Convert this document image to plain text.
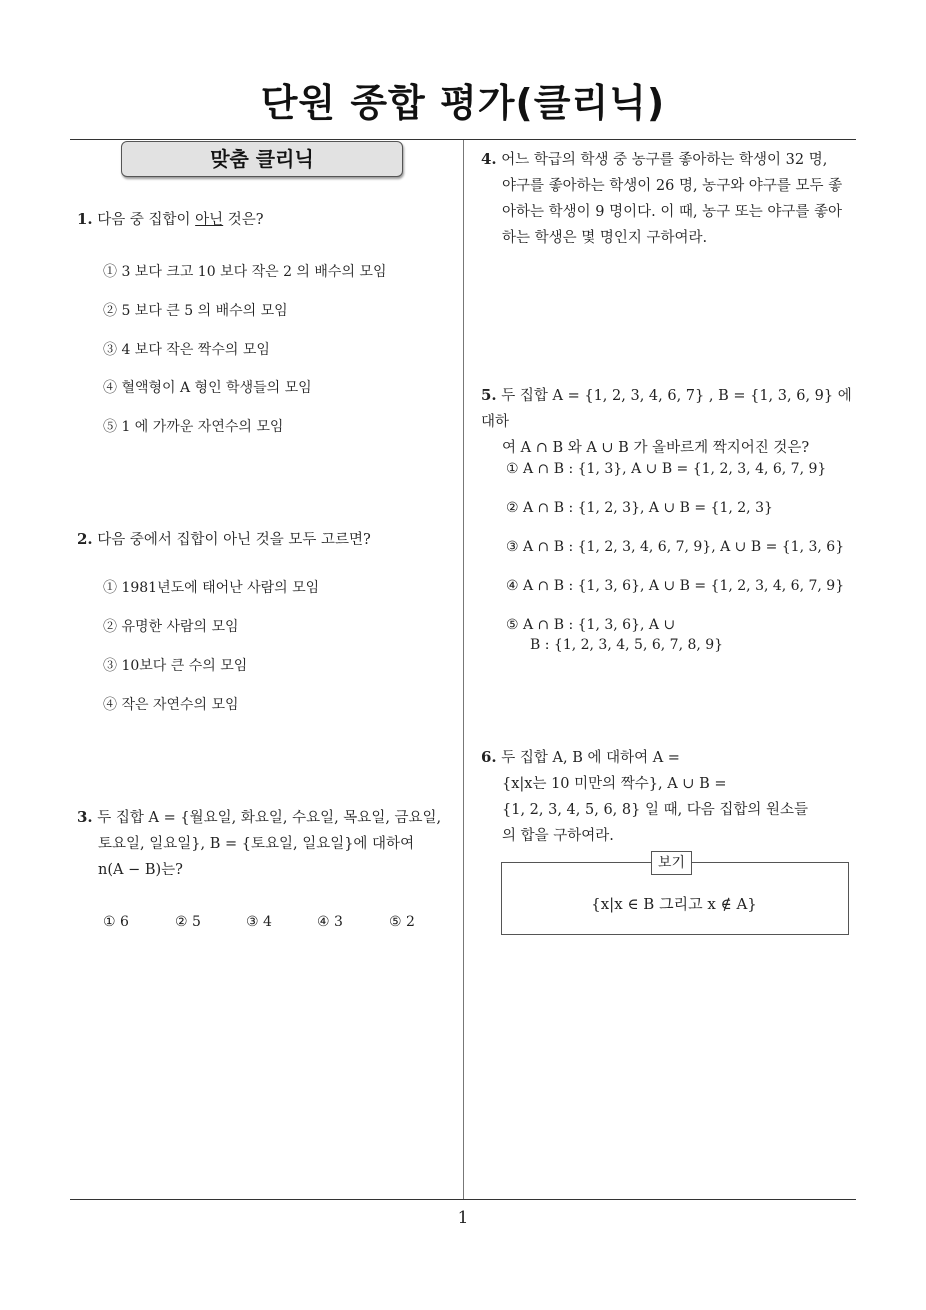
단원 종합 평가(클리닉)
맞춤 클리닉
1. 다음 중 집합이 아닌 것은?
① 3 보다 크고 10 보다 작은 2 의 배수의 모임
② 5 보다 큰 5 의 배수의 모임
③ 4 보다 작은 짝수의 모임
④ 혈액형이 A 형인 학생들의 모임
⑤ 1 에 가까운 자연수의 모임
2. 다음 중에서 집합이 아닌 것을 모두 고르면?
① 1981년도에 태어난 사람의 모임
② 유명한 사람의 모임
③ 10보다 큰 수의 모임
④ 작은 자연수의 모임
3. 두 집합 A = {월요일, 화요일, 수요일, 목요일, 금요일,
토요일, 일요일}, B = {토요일, 일요일}에 대하여
n(A − B)는?
① 6	② 5	③ 4	④ 3	⑤ 2
4. 어느 학급의 학생 중 농구를 좋아하는 학생이 32 명,
야구를 좋아하는 학생이 26 명, 농구와 야구를 모두 좋
아하는 학생이 9 명이다. 이 때, 농구 또는 야구를 좋아
하는 학생은 몇 명인지 구하여라.
5. 두 집합 A = {1, 2, 3, 4, 6, 7} , B = {1, 3, 6, 9} 에 대하
여 A ∩ B 와 A ∪ B 가 올바르게 짝지어진 것은?
① A ∩ B : {1, 3}, A ∪ B = {1, 2, 3, 4, 6, 7, 9}
② A ∩ B : {1, 2, 3}, A ∪ B = {1, 2, 3}
③ A ∩ B : {1, 2, 3, 4, 6, 7, 9}, A ∪ B = {1, 3, 6}
④ A ∩ B : {1, 3, 6}, A ∪ B = {1, 2, 3, 4, 6, 7, 9}
⑤ A ∩ B : {1, 3, 6}, A ∪
B : {1, 2, 3, 4, 5, 6, 7, 8, 9}
6. 두 집합 A, B 에 대하여 A =
{x|x는 10 미만의 짝수}, A ∪ B =
{1, 2, 3, 4, 5, 6, 8} 일 때, 다음 집합의 원소들
의 합을 구하여라.
보기
{x|x ∈ B 그리고 x ∉ A}
1
